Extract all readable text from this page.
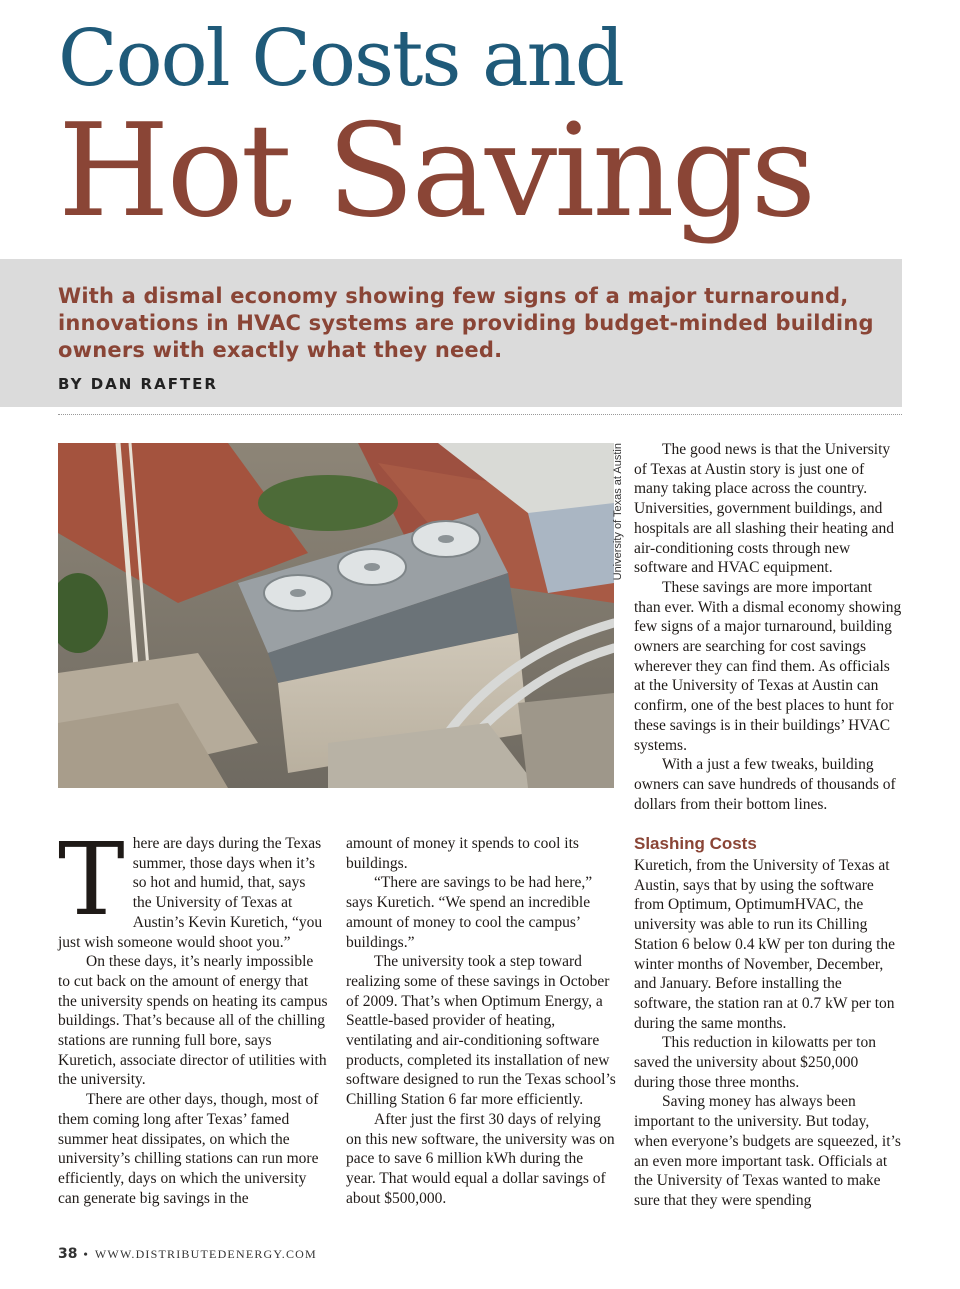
Cool Costs and
Hot Savings
With a dismal economy showing few signs of a major turnaround, innovations in HVAC systems are providing budget-minded building owners with exactly what they need.
BY DAN RAFTER
University of Texas at Austin	The good news is that the University of Texas at Austin story is just one of many taking place across the country. Universities, government buildings, and hospitals are all slashing their heating and air-conditioning costs through new software and HVAC equipment.

These savings are more important than ever. With a dismal economy showing few signs of a major turnaround, building owners are searching for cost savings wherever they can find them. As officials at the University of Texas at Austin can confirm, one of the best places to hunt for these savings is in their buildings’ HVAC systems.

With a just a few tweaks, building owners can save hundreds of thousands of dollars from their bottom lines.

There are days during the Texas summer, those days when it’s so hot and humid, that, says the University of Texas at Austin’s Kevin Kuretich, “you just wish someone would shoot you.”

On these days, it’s nearly impossible to cut back on the amount of energy that the university spends on heating its campus buildings. That’s because all of the chilling stations are running full bore, says Kuretich, associate director of utilities with the university.

There are other days, though, most of them coming long after Texas’ famed summer heat dissipates, on which the university’s chilling stations can run more efficiently, days on which the university can generate big savings in the

amount of money it spends to cool its buildings.

“There are savings to be had here,” says Kuretich. “We spend an incredible amount of money to cool the campus’ buildings.”

The university took a step toward realizing some of these savings in October of 2009. That’s when Optimum Energy, a Seattle-based provider of heating, ventilating and air-conditioning software products, completed its installation of new software designed to run the Texas school’s Chilling Station 6 far more efficiently.

After just the first 30 days of relying on this new software, the university was on pace to save 6 million kWh during the year. That would equal a dollar savings of about $500,000.

Slashing Costs

Kuretich, from the University of Texas at Austin, says that by using the software from Optimum, OptimumHVAC, the university was able to run its Chilling Station 6 below 0.4 kW per ton during the winter months of November, December, and January. Before installing the software, the station ran at 0.7 kW per ton during the same months.

This reduction in kilowatts per ton saved the university about $250,000 during those three months.

Saving money has always been important to the university. But today, when everyone’s budgets are squeezed, it’s an even more important task. Officials at the University of Texas wanted to make sure that they were spending

38 • WWW.DISTRIBUTEDENERGY.COM
